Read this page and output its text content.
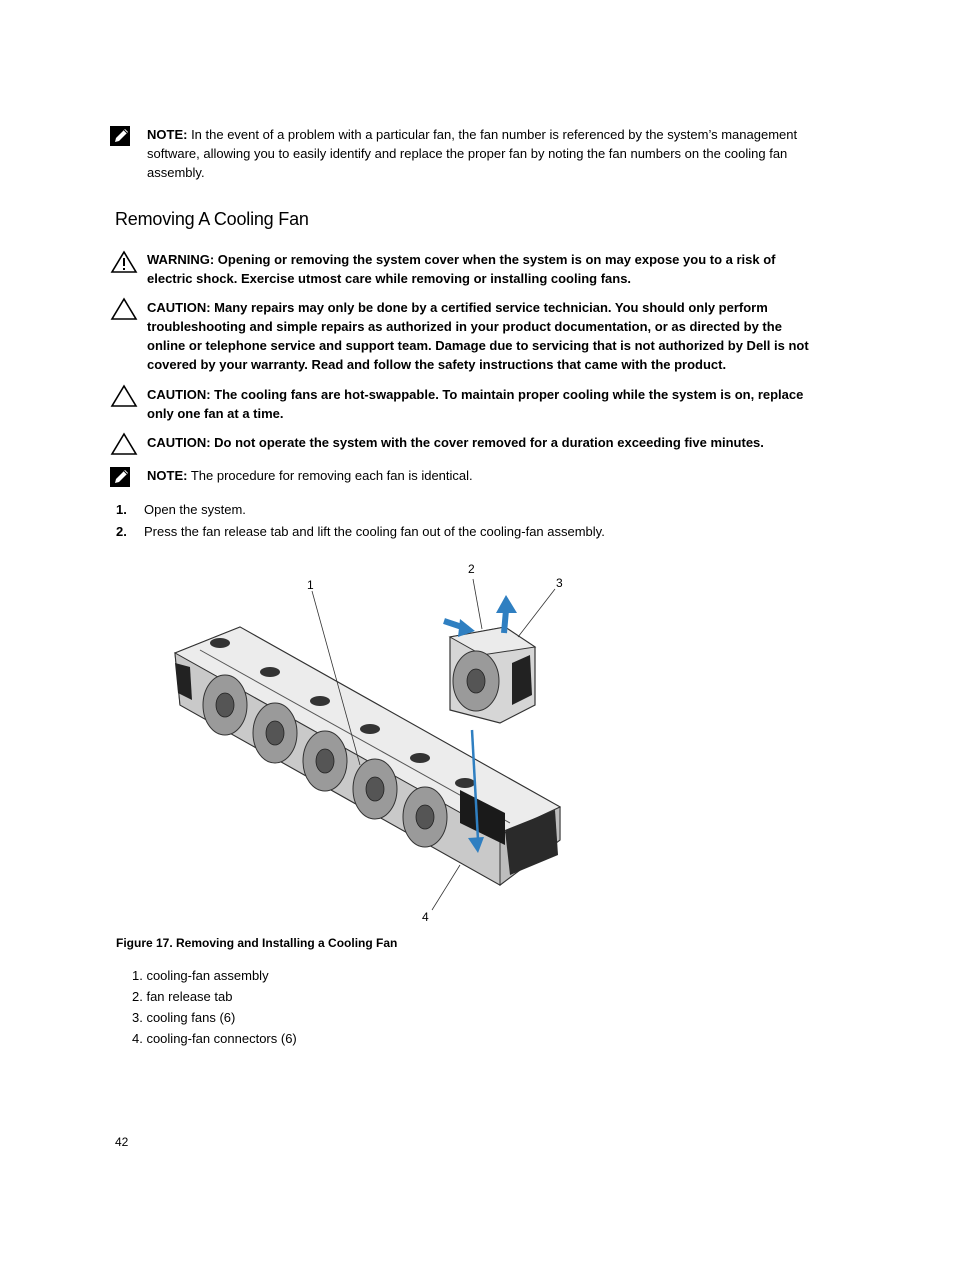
NOTE: In the event of a problem with a particular fan, the fan number is referenced by the system’s management software, allowing you to easily identify and replace the proper fan by noting the fan numbers on the cooling fan assembly.
Removing A Cooling Fan
WARNING: Opening or removing the system cover when the system is on may expose you to a risk of electric shock. Exercise utmost care while removing or installing cooling fans.
CAUTION: Many repairs may only be done by a certified service technician. You should only perform troubleshooting and simple repairs as authorized in your product documentation, or as directed by the online or telephone service and support team. Damage due to servicing that is not authorized by Dell is not covered by your warranty. Read and follow the safety instructions that came with the product.
CAUTION: The cooling fans are hot-swappable. To maintain proper cooling while the system is on, replace only one fan at a time.
CAUTION: Do not operate the system with the cover removed for a duration exceeding five minutes.
NOTE: The procedure for removing each fan is identical.
1. Open the system.
2. Press the fan release tab and lift the cooling fan out of the cooling-fan assembly.
1
2
3
4
Figure 17. Removing and Installing a Cooling Fan
1. cooling-fan assembly
2. fan release tab
3. cooling fans (6)
4. cooling-fan connectors (6)
42
